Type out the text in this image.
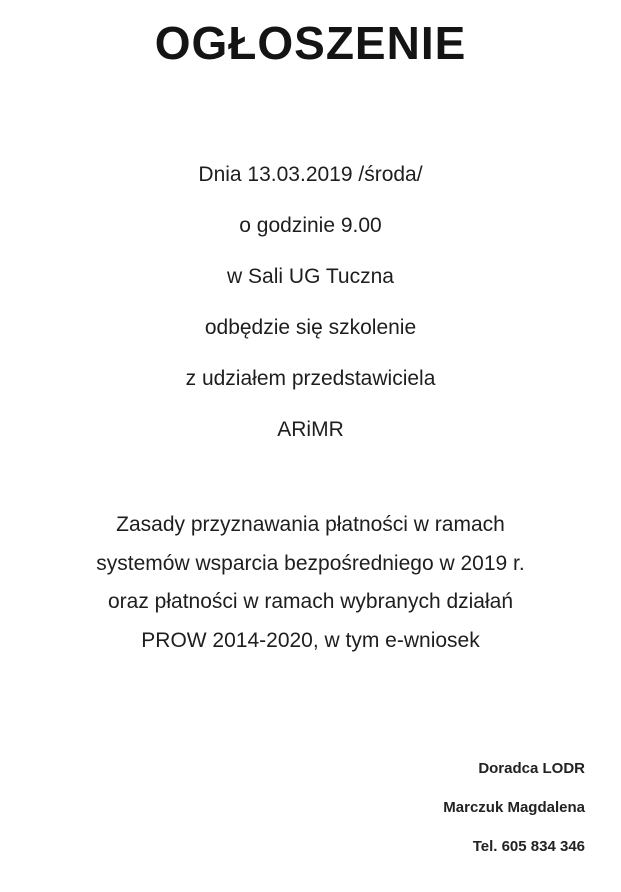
OGŁOSZENIE
Dnia 13.03.2019 /środa/
o godzinie 9.00
w Sali UG Tuczna
odbędzie się szkolenie
z udziałem przedstawiciela
ARiMR
Zasady przyznawania płatności w ramach
systemów wsparcia bezpośredniego w 2019 r.
oraz płatności w ramach wybranych działań
PROW 2014-2020, w tym e-wniosek
Doradca LODR
Marczuk Magdalena
Tel. 605 834 346
